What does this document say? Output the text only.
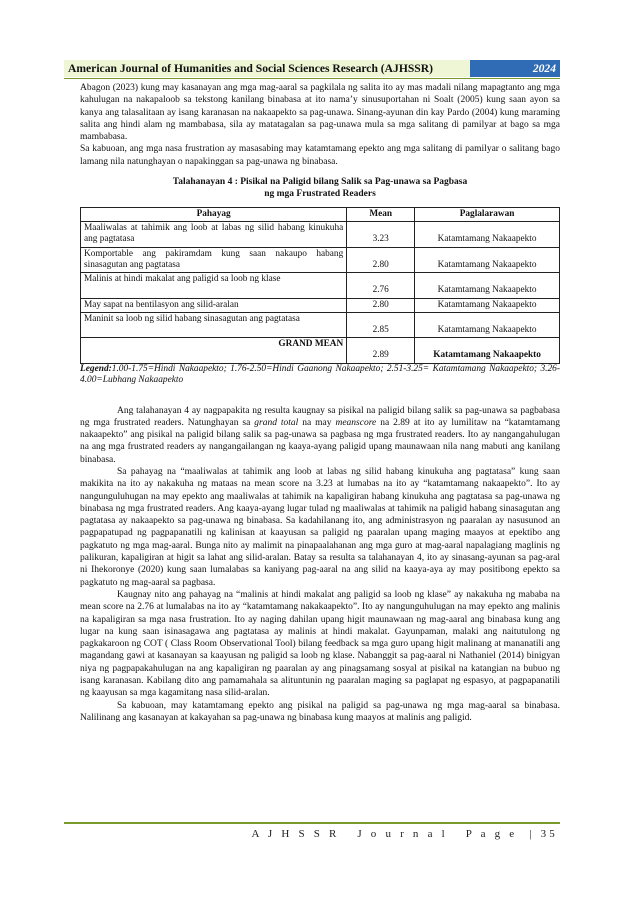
American Journal of Humanities and Social Sciences Research (AJHSSR)	2024

Abagon (2023) kung may kasanayan ang mga mag-aaral sa pagkilala ng salita ito ay mas madali nilang mapagtanto ang mga kahulugan na nakapaloob sa tekstong kanilang binabasa at ito nama’y sinusuportahan ni Soalt (2005) kung saan ayon sa kanya ang talasalitaan ay isang karanasan na nakaapekto sa pag-unawa. Sinang-ayunan din kay Pardo (2004) kung maraming salita ang hindi alam ng mambabasa, sila ay matatagalan sa pag-unawa mula sa mga salitang di pamilyar at bago sa mga mambabasa.

Sa kabuoan, ang mga nasa frustration ay masasabing may katamtamang epekto ang mga salitang di pamilyar o salitang bago lamang nila natunghayan o napakinggan sa pag-unawa ng binabasa.

Talahanayan 4 : Pisikal na Paligid bilang Salik sa Pag-unawa sa Pagbasa
ng mga Frustrated Readers

Pahayag	Mean	Paglalarawan
Maaliwalas at tahimik ang loob at labas ng silid habang kinukuha ang pagtatasa	3.23	Katamtamang Nakaapekto
Komportable ang pakiramdam kung saan nakaupo habang sinasagutan ang pagtatasa	2.80	Katamtamang Nakaapekto
Malinis at hindi makalat ang paligid sa loob ng klase	2.76	Katamtamang Nakaapekto
May sapat na bentilasyon ang silid-aralan	2.80	Katamtamang Nakaapekto
Maninit sa loob ng silid habang sinasagutan ang pagtatasa	2.85	Katamtamang Nakaapekto
GRAND MEAN	2.89	Katamtamang Nakaapekto

Legend:1.00-1.75=Hindi Nakaapekto; 1.76-2.50=Hindi Gaanong Nakaapekto; 2.51-3.25= Katamtamang Nakaapekto; 3.26-4.00=Lubhang Nakaapekto

Ang talahanayan 4 ay nagpapakita ng resulta kaugnay sa pisikal na paligid bilang salik sa pag-unawa sa pagbabasa ng mga frustrated readers. Natunghayan sa grand total na may meanscore na 2.89 at ito ay lumilitaw na “katamtamang nakaapekto” ang pisikal na paligid bilang salik sa pag-unawa sa pagbasa ng mga frustrated readers. Ito ay nangangahulugan na ang mga frustrated readers ay nangangailangan ng kaaya-ayang paligid upang maunawaan nila nang mabuti ang kanilang binabasa.

Sa pahayag na “maaliwalas at tahimik ang loob at labas ng silid habang kinukuha ang pagtatasa” kung saan makikita na ito ay nakakuha ng mataas na mean score na 3.23 at lumabas na ito ay “katamtamang nakaapekto”. Ito ay nangunguluhugan na may epekto ang maaliwalas at tahimik na kapaligiran habang kinukuha ang pagtatasa sa pag-unawa ng binabasa ng mga frustrated readers. Ang kaaya-ayang lugar tulad ng maaliwalas at tahimik na paligid habang sinasagutan ang pagtatasa ay nakaapekto sa pag-unawa ng binabasa. Sa kadahilanang ito, ang administrasyon ng paaralan ay nasusunod an pagpapatupad ng pagpapanatili ng kalinisan at kaayusan sa paligid ng paaralan upang maging maayos at epektibo ang pagkatuto ng mga mag-aaral. Bunga nito ay malimit na pinapaalahanan ang mga guro at mag-aaral napalagiang maglinis ng palikuran, kapaligiran at higit sa lahat ang silid-aralan. Batay sa resulta sa talahanayan 4, ito ay sinasang-ayunan sa pag-aral ni Ihekoronye (2020) kung saan lumalabas sa kaniyang pag-aaral na ang silid na kaaya-aya ay may positibong epekto sa pagkatuto ng mag-aaral sa pagbasa.

Kaugnay nito ang pahayag na “malinis at hindi makalat ang paligid sa loob ng klase” ay nakakuha ng mababa na mean score na 2.76 at lumalabas na ito ay “katamtamang nakakaapekto”. Ito ay nangunguhulugan na may epekto ang malinis na kapaligiran sa mga nasa frustration. Ito ay naging dahilan upang higit maunawaan ng mag-aaral ang binabasa kung ang lugar na kung saan isinasagawa ang pagtatasa ay malinis at hindi makalat. Gayunpaman, malaki ang naitutulong ng pagkakaroon ng COT ( Class Room Observational Tool) bilang feedback sa mga guro upang higit malinang at mananatili ang magandang gawi at kasanayan sa kaayusan ng paligid sa loob ng klase. Nabanggit sa pag-aaral ni Nathaniel (2014) binigyan niya ng pagpapakahulugan na ang kapaligiran ng paaralan ay ang pinagsamang sosyal at pisikal na katangian na bubuo ng isang karanasan. Kabilang dito ang pamamahala sa alituntunin ng paaralan maging sa paglapat ng espasyo, at pagpapanatili ng kaayusan sa mga kagamitang nasa silid-aralan.

Sa kabuoan, may katamtamang epekto ang pisikal na paligid sa pag-unawa ng mga mag-aaral sa binabasa. Nalilinang ang kasanayan at kakayahan sa pag-unawa ng binabasa kung maayos at malinis ang paligid.

A J H S S R   J o u r n a l P a g e  | 35
